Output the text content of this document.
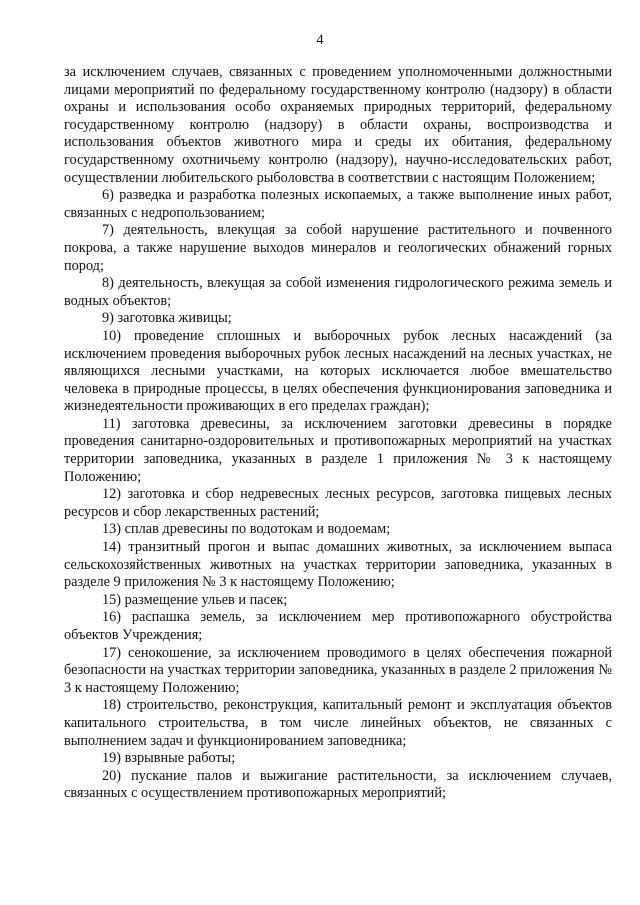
4

за исключением случаев, связанных с проведением уполномоченными должностными лицами мероприятий по федеральному государственному контролю (надзору) в области охраны и использования особо охраняемых природных территорий, федеральному государственному контролю (надзору) в области охраны, воспроизводства и использования объектов животного мира и среды их обитания, федеральному государственному охотничьему контролю (надзору), научно-исследовательских работ, осуществлении любительского рыболовства в соответствии с настоящим Положением;

6) разведка и разработка полезных ископаемых, а также выполнение иных работ, связанных с недропользованием;

7) деятельность, влекущая за собой нарушение растительного и почвенного покрова, а также нарушение выходов минералов и геологических обнажений горных пород;

8) деятельность, влекущая за собой изменения гидрологического режима земель и водных объектов;

9) заготовка живицы;

10) проведение сплошных и выборочных рубок лесных насаждений (за исключением проведения выборочных рубок лесных насаждений на лесных участках, не являющихся лесными участками, на которых исключается любое вмешательство человека в природные процессы, в целях обеспечения функционирования заповедника и жизнедеятельности проживающих в его пределах граждан);

11) заготовка древесины, за исключением заготовки древесины в порядке проведения санитарно-оздоровительных и противопожарных мероприятий на участках территории заповедника, указанных в разделе 1 приложения № 3 к настоящему Положению;

12) заготовка и сбор недревесных лесных ресурсов, заготовка пищевых лесных ресурсов и сбор лекарственных растений;

13) сплав древесины по водотокам и водоемам;

14) транзитный прогон и выпас домашних животных, за исключением выпаса сельскохозяйственных животных на участках территории заповедника, указанных в разделе 9 приложения № 3 к настоящему Положению;

15) размещение ульев и пасек;

16) распашка земель, за исключением мер противопожарного обустройства объектов Учреждения;

17) сенокошение, за исключением проводимого в целях обеспечения пожарной безопасности на участках территории заповедника, указанных в разделе 2 приложения № 3 к настоящему Положению;

18) строительство, реконструкция, капитальный ремонт и эксплуатация объектов капитального строительства, в том числе линейных объектов, не связанных с выполнением задач и функционированием заповедника;

19) взрывные работы;

20) пускание палов и выжигание растительности, за исключением случаев, связанных с осуществлением противопожарных мероприятий;
